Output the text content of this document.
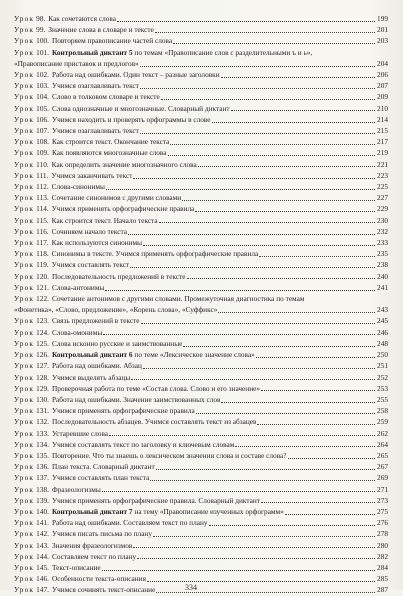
Урок 98. Как сочетаются слова	199
Урок 99. Значение слова в словаре и тексте	201
Урок 100. Повторяем правописание частей слова	203
Урок 101. Контрольный диктант 5 по темам «Правописание слов с разделительными ъ и ь»,
«Правописание приставок и предлогов»	204
Урок 102. Работа над ошибками. Один текст – разные заголовки	206
Урок 103. Учимся озаглавливать текст	207
Урок 104. Слово в толковом словаре и тексте	209
Урок 105. Слова однозначные и многозначные. Словарный диктант	210
Урок 106. Учимся находить и проверять орфограммы в слове	214
Урок 107. Учимся озаглавливать текст	215
Урок 108. Как строится текст. Окончание текста	217
Урок 109. Как появляются многозначные слова	219
Урок 110. Как определить значение многозначного слова	221
Урок 111. Учимся заканчивать текст	223
Урок 112. Слова-синонимы	225
Урок 113. Сочетание синонимов с другими словами	227
Урок 114. Учимся применять орфографические правила	229
Урок 115. Как строится текст. Начало текста	230
Урок 116. Сочиняем начало текста	232
Урок 117. Как используются синонимы	233
Урок 118. Синонимы в тексте. Учимся применять орфографические правила	235
Урок 119. Учимся составлять текст	238
Урок 120. Последовательность предложений в тексте	240
Урок 121. Слова-антонимы	241
Урок 122. Сочетание антонимов с другими словами. Промежуточная диагностика по темам
«Фонетика», «Слово, предложение», «Корень слова», «Суффикс»	243
Урок 123. Связь предложений в тексте	245
Урок 124. Слова-омонимы	246
Урок 125. Слова исконно русские и заимствованные	248
Урок 126. Контрольный диктант 6 по теме «Лексическое значение слова»	250
Урок 127. Работа над ошибками. Абзац	251
Урок 128. Учимся выделять абзацы	252
Урок 129. Проверочная работа по теме «Состав слова. Слово и его значение»	253
Урок 130. Работа над ошибками. Значение заимствованных слов	255
Урок 131. Учимся применять орфографические правила	258
Урок 132. Последовательность абзацев. Учимся составлять текст из абзацев	259
Урок 133. Устаревшие слова	262
Урок 134. Учимся составлять текст по заголовку и ключевым словам	264
Урок 135. Повторение. Что ты знаешь о лексическом значении слова и составе слова?	265
Урок 136. План текста. Словарный диктант	267
Урок 137. Учимся составлять план текста	269
Урок 138. Фразеологизмы	271
Урок 139. Учимся применять орфографические правила. Словарный диктант	273
Урок 140. Контрольный диктант 7 на тему «Правописание изученных орфограмм»	275
Урок 141. Работа над ошибками. Составляем текст по плану	276
Урок 142. Учимся писать письма по плану	278
Урок 143. Значения фразеологизмов	280
Урок 144. Составляем текст по плану	282
Урок 145. Текст-описание	284
Урок 146. Особенности текста-описания	285
Урок 147. Учимся сочинять текст-описание	287
334
